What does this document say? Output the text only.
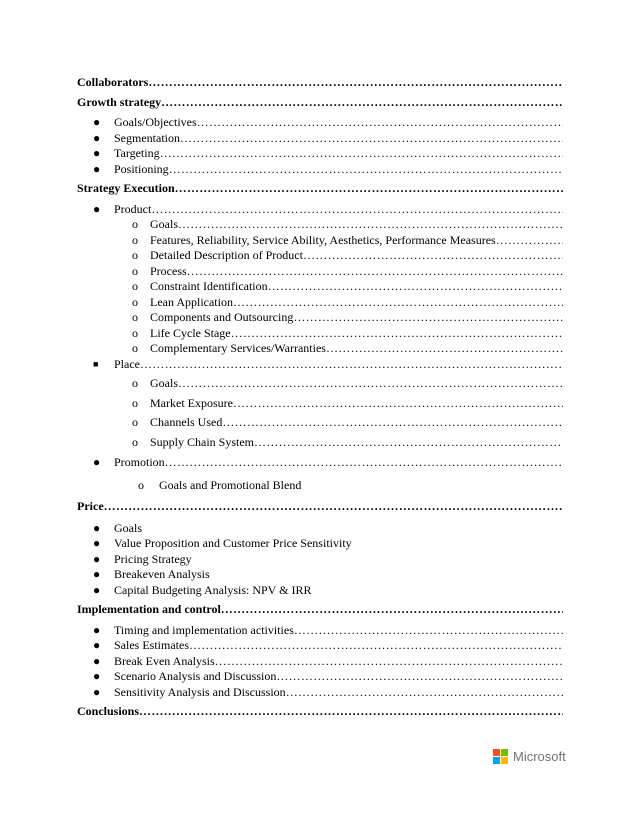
Collaborators
………………………………………………………………………………………………………………………………………………………………………………………
Growth strategy
………………………………………………………………………………………………………………………………………………………………………………………
● Goals/Objectives
………………………………………………………………………………………………………………………………………………………………………………………
● Segmentation
………………………………………………………………………………………………………………………………………………………………………………………
● Targeting
………………………………………………………………………………………………………………………………………………………………………………………
● Positioning
………………………………………………………………………………………………………………………………………………………………………………………
Strategy Execution
………………………………………………………………………………………………………………………………………………………………………………………
● Product
………………………………………………………………………………………………………………………………………………………………………………………
o Goals
………………………………………………………………………………………………………………………………………………………………………………………
o Features, Reliability, Service Ability, Aesthetics, Performance Measures
………………………………………………………………………………………………………………………………………………………………………………………
o Detailed Description of Product
………………………………………………………………………………………………………………………………………………………………………………………
o Process
………………………………………………………………………………………………………………………………………………………………………………………
o Constraint Identification
………………………………………………………………………………………………………………………………………………………………………………………
o Lean Application
………………………………………………………………………………………………………………………………………………………………………………………
o Components and Outsourcing
………………………………………………………………………………………………………………………………………………………………………………………
o Life Cycle Stage
………………………………………………………………………………………………………………………………………………………………………………………
o Complementary Services/Warranties
………………………………………………………………………………………………………………………………………………………………………………………
■ Place
………………………………………………………………………………………………………………………………………………………………………………………
o Goals
………………………………………………………………………………………………………………………………………………………………………………………
o Market Exposure
………………………………………………………………………………………………………………………………………………………………………………………
o Channels Used
………………………………………………………………………………………………………………………………………………………………………………………
o Supply Chain System
………………………………………………………………………………………………………………………………………………………………………………………
● Promotion
………………………………………………………………………………………………………………………………………………………………………………………
o Goals and Promotional Blend
Price
………………………………………………………………………………………………………………………………………………………………………………………
● Goals
● Value Proposition and Customer Price Sensitivity
● Pricing Strategy
● Breakeven Analysis
● Capital Budgeting Analysis: NPV & IRR
Implementation and control
………………………………………………………………………………………………………………………………………………………………………………………
● Timing and implementation activities
………………………………………………………………………………………………………………………………………………………………………………………
● Sales Estimates
………………………………………………………………………………………………………………………………………………………………………………………
● Break Even Analysis
………………………………………………………………………………………………………………………………………………………………………………………
● Scenario Analysis and Discussion
………………………………………………………………………………………………………………………………………………………………………………………
● Sensitivity Analysis and Discussion
………………………………………………………………………………………………………………………………………………………………………………………
Conclusions
………………………………………………………………………………………………………………………………………………………………………………………
Microsoft
